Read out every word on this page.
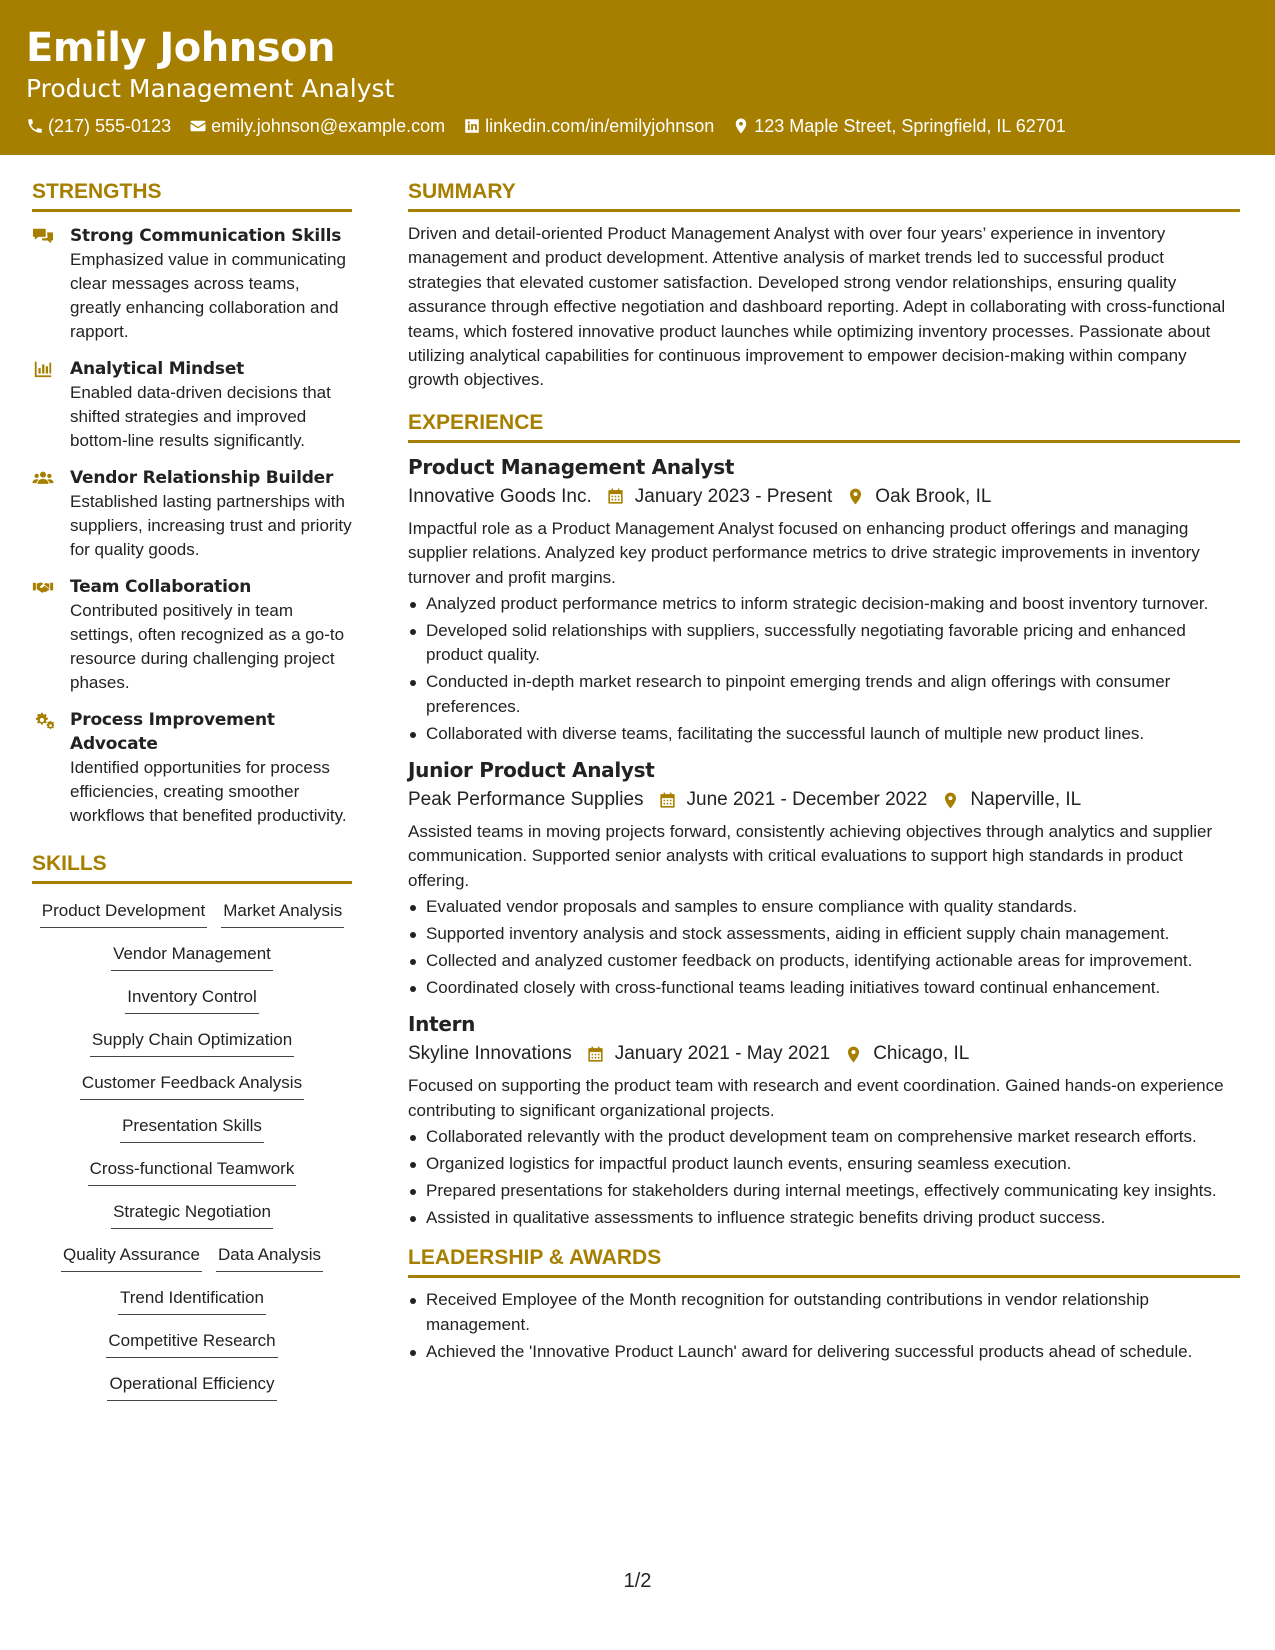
Emily Johnson
Product Management Analyst
(217) 555-0123 emily.johnson@example.com linkedin.com/in/emilyjohnson 123 Maple Street, Springfield, IL 62701
STRENGTHS
Strong Communication Skills
Emphasized value in communicating clear messages across teams, greatly enhancing collaboration and rapport.
Analytical Mindset
Enabled data-driven decisions that shifted strategies and improved bottom-line results significantly.
Vendor Relationship Builder
Established lasting partnerships with suppliers, increasing trust and priority for quality goods.
Team Collaboration
Contributed positively in team settings, often recognized as a go-to resource during challenging project phases.
Process Improvement Advocate
Identified opportunities for process efficiencies, creating smoother workflows that benefited productivity.
SKILLS
Product Development Market Analysis
Vendor Management
Inventory Control
Supply Chain Optimization
Customer Feedback Analysis
Presentation Skills
Cross-functional Teamwork
Strategic Negotiation
Quality Assurance Data Analysis
Trend Identification
Competitive Research
Operational Efficiency
SUMMARY
Driven and detail-oriented Product Management Analyst with over four years’ experience in inventory management and product development. Attentive analysis of market trends led to successful product strategies that elevated customer satisfaction. Developed strong vendor relationships, ensuring quality assurance through effective negotiation and dashboard reporting. Adept in collaborating with cross-functional teams, which fostered innovative product launches while optimizing inventory processes. Passionate about utilizing analytical capabilities for continuous improvement to empower decision-making within company growth objectives.
EXPERIENCE
Product Management Analyst
Innovative Goods Inc. January 2023 - Present Oak Brook, IL
Impactful role as a Product Management Analyst focused on enhancing product offerings and managing supplier relations. Analyzed key product performance metrics to drive strategic improvements in inventory turnover and profit margins.
Analyzed product performance metrics to inform strategic decision-making and boost inventory turnover.
Developed solid relationships with suppliers, successfully negotiating favorable pricing and enhanced product quality.
Conducted in-depth market research to pinpoint emerging trends and align offerings with consumer preferences.
Collaborated with diverse teams, facilitating the successful launch of multiple new product lines.
Junior Product Analyst
Peak Performance Supplies June 2021 - December 2022 Naperville, IL
Assisted teams in moving projects forward, consistently achieving objectives through analytics and supplier communication. Supported senior analysts with critical evaluations to support high standards in product offering.
Evaluated vendor proposals and samples to ensure compliance with quality standards.
Supported inventory analysis and stock assessments, aiding in efficient supply chain management.
Collected and analyzed customer feedback on products, identifying actionable areas for improvement.
Coordinated closely with cross-functional teams leading initiatives toward continual enhancement.
Intern
Skyline Innovations January 2021 - May 2021 Chicago, IL
Focused on supporting the product team with research and event coordination. Gained hands-on experience contributing to significant organizational projects.
Collaborated relevantly with the product development team on comprehensive market research efforts.
Organized logistics for impactful product launch events, ensuring seamless execution.
Prepared presentations for stakeholders during internal meetings, effectively communicating key insights.
Assisted in qualitative assessments to influence strategic benefits driving product success.
LEADERSHIP & AWARDS
Received Employee of the Month recognition for outstanding contributions in vendor relationship management.
Achieved the 'Innovative Product Launch' award for delivering successful products ahead of schedule.
1/2
